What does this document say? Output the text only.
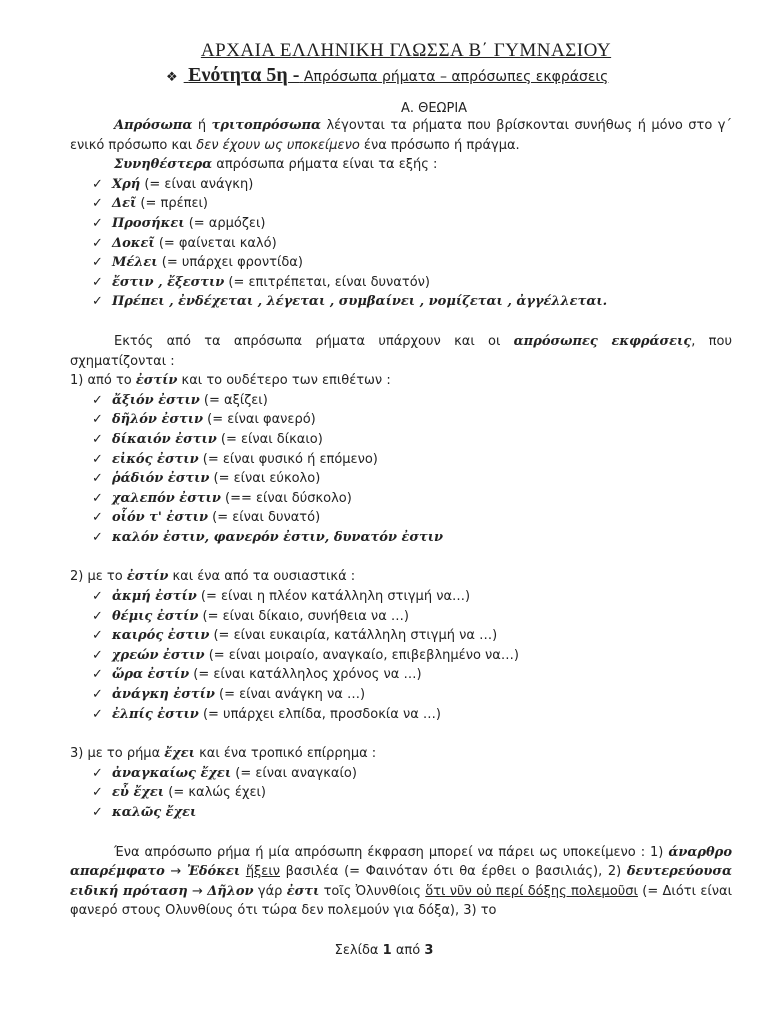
ΑΡΧΑΙΑ ΕΛΛΗΝΙΚΗ ΓΛΩΣΣΑ Β΄ ΓΥΜΝΑΣΙΟΥ
❖ Ενότητα 5η - Απρόσωπα ρήματα – απρόσωπες εκφράσεις
Α. ΘΕΩΡΙΑ

Απρόσωπα ή τριτοπρόσωπα λέγονται τα ρήματα που βρίσκονται συνήθως ή μόνο στο γ΄ ενικό πρόσωπο και δεν έχουν ως υποκείμενο ένα πρόσωπο ή πράγμα.

Συνηθέστερα απρόσωπα ρήματα είναι τα εξής :

✓ Χρή (= είναι ανάγκη)
✓ Δεῖ (= πρέπει)
✓ Προσήκει (= αρμόζει)
✓ Δοκεῖ (= φαίνεται καλό)
✓ Μέλει (= υπάρχει φροντίδα)
✓ ἔστιν , ἔξεστιν (= επιτρέπεται, είναι δυνατόν)
✓ Πρέπει , ἐνδέχεται , λέγεται , συμβαίνει , νομίζεται , ἀγγέλλεται.

Εκτός από τα απρόσωπα ρήματα υπάρχουν και οι απρόσωπες εκφράσεις, που σχηματίζονται :

1) από το ἐστίν και το ουδέτερο των επιθέτων :

✓ ἄξιόν ἐστιν (= αξίζει)
✓ δῆλόν ἐστιν (= είναι φανερό)
✓ δίκαιόν ἐστιν (= είναι δίκαιο)
✓ εἰκός ἐστιν (= είναι φυσικό ή επόμενο)
✓ ῥάδιόν ἐστιν (= είναι εύκολο)
✓ χαλεπόν ἐστιν (== είναι δύσκολο)
✓ οἷόν τ' ἐστιν (= είναι δυνατό)
✓ καλόν ἐστιν, φανερόν ἐστιν, δυνατόν ἐστιν

2) με το ἐστίν και ένα από τα ουσιαστικά :

✓ ἀκμή ἐστίν (= είναι η πλέον κατάλληλη στιγμή να…)
✓ θέμις ἐστίν (= είναι δίκαιο, συνήθεια να …)
✓ καιρός ἐστιν (= είναι ευκαιρία, κατάλληλη στιγμή να …)
✓ χρεών ἐστιν (= είναι μοιραίο, αναγκαίο, επιβεβλημένο να…)
✓ ὥρα ἐστίν (= είναι κατάλληλος χρόνος να …)
✓ ἀνάγκη ἐστίν (= είναι ανάγκη να …)
✓ ἐλπίς ἐστιν (= υπάρχει ελπίδα, προσδοκία να …)

3) με το ρήμα ἔχει και ένα τροπικό επίρρημα :

✓ ἀναγκαίως ἔχει (= είναι αναγκαίο)
✓ εὖ ἔχει (= καλώς έχει)
✓ καλῶς ἔχει

Ένα απρόσωπο ρήμα ή μία απρόσωπη έκφραση μπορεί να πάρει ως υποκείμενο : 1) άναρθρο απαρέμφατο → Ἐδόκει ἥξειν βασιλέα (= Φαινόταν ότι θα έρθει ο βασιλιάς), 2) δευτερεύουσα ειδική πρόταση → Δῆλον γάρ ἐστι τοῖς Ὀλυνθίοις ὅτι νῦν οὐ περί δόξης πολεμοῦσι (= Διότι είναι φανερό στους Ολυνθίους ότι τώρα δεν πολεμούν για δόξα), 3) το

Σελίδα 1 από 3
